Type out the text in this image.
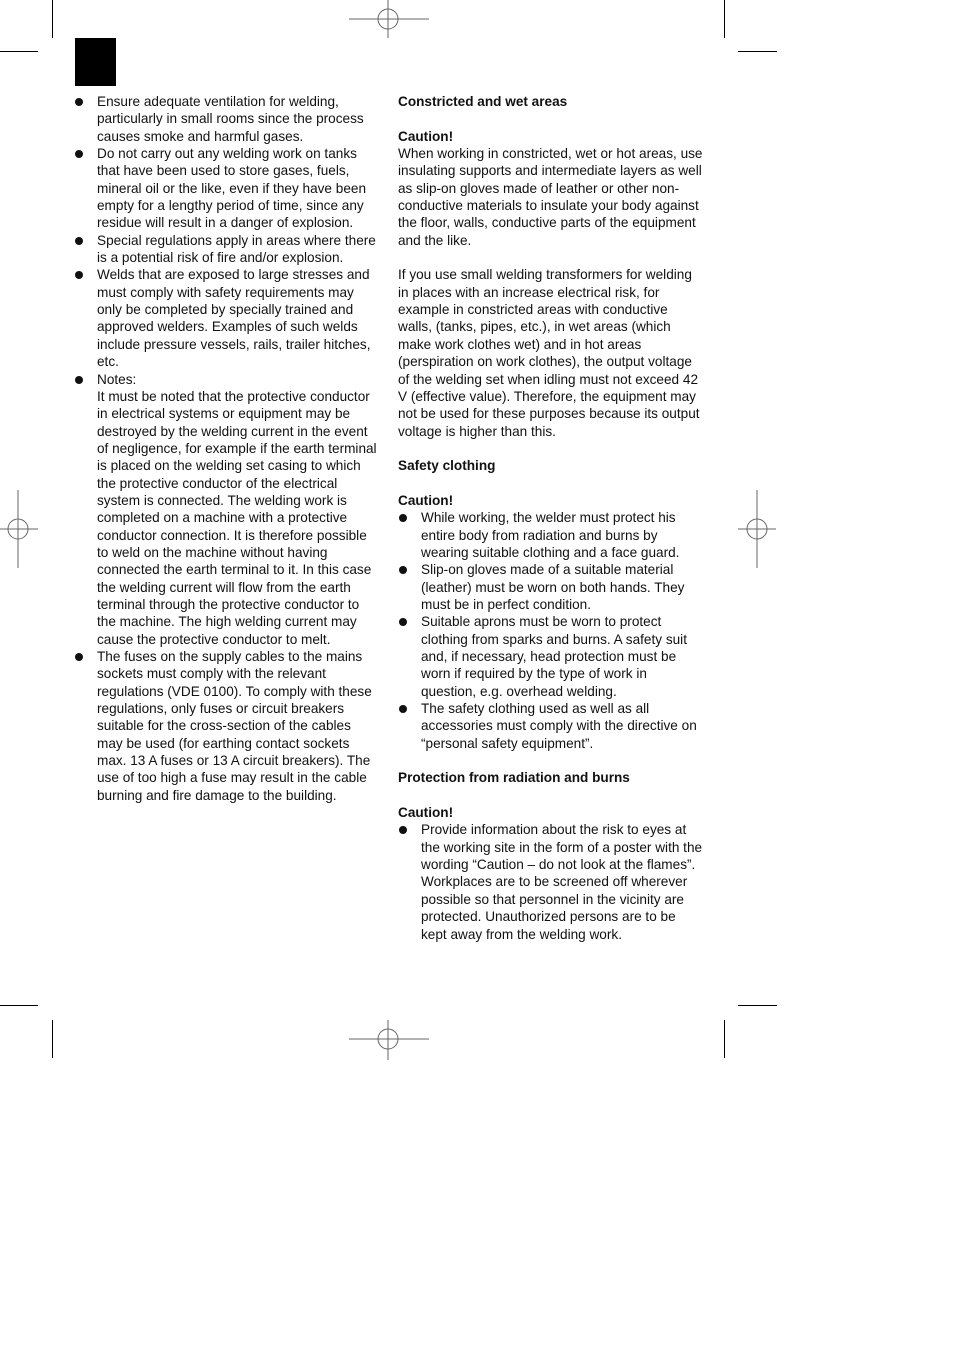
Ensure adequate ventilation for welding, particularly in small rooms since the process causes smoke and harmful gases.
Do not carry out any welding work on tanks that have been used to store gases, fuels, mineral oil or the like, even if they have been empty for a lengthy period of time, since any residue will result in a danger of explosion.
Special regulations apply in areas where there is a potential risk of fire and/or explosion.
Welds that are exposed to large stresses and must comply with safety requirements may only be completed by specially trained and approved welders. Examples of such welds include pressure vessels, rails, trailer hitches, etc.
Notes:
It must be noted that the protective conductor in electrical systems or equipment may be destroyed by the welding current in the event of negligence, for example if the earth terminal is placed on the welding set casing to which the protective conductor of the electrical system is connected. The welding work is completed on a machine with a protective conductor connection. It is therefore possible to weld on the machine without having connected the earth terminal to it. In this case the welding current will flow from the earth terminal through the protective conductor to the machine. The high welding current may cause the protective conductor to melt.
The fuses on the supply cables to the mains sockets must comply with the relevant regulations (VDE 0100). To comply with these regulations, only fuses or circuit breakers suitable for the cross-section of the cables may be used (for earthing contact sockets max. 13 A fuses or 13 A circuit breakers). The use of too high a fuse may result in the cable burning and fire damage to the building.

Constricted and wet areas

Caution!

When working in constricted, wet or hot areas, use insulating supports and intermediate layers as well as slip-on gloves made of leather or other non-conductive materials to insulate your body against the floor, walls, conductive parts of the equipment and the like.

If you use small welding transformers for welding in places with an increase electrical risk, for example in constricted areas with conductive walls, (tanks, pipes, etc.), in wet areas (which make work clothes wet) and in hot areas (perspiration on work clothes), the output voltage of the welding set when idling must not exceed 42 V (effective value). Therefore, the equipment may not be used for these purposes because its output voltage is higher than this.

Safety clothing

Caution!

While working, the welder must protect his entire body from radiation and burns by wearing suitable clothing and a face guard.
Slip-on gloves made of a suitable material (leather) must be worn on both hands. They must be in perfect condition.
Suitable aprons must be worn to protect clothing from sparks and burns. A safety suit and, if necessary, head protection must be worn if required by the type of work in question, e.g. overhead welding.
The safety clothing used as well as all accessories must comply with the directive on “personal safety equipment”.

Protection from radiation and burns

Caution!

Provide information about the risk to eyes at the working site in the form of a poster with the wording “Caution – do not look at the flames”. Workplaces are to be screened off wherever possible so that personnel in the vicinity are protected. Unauthorized persons are to be kept away from the welding work.
